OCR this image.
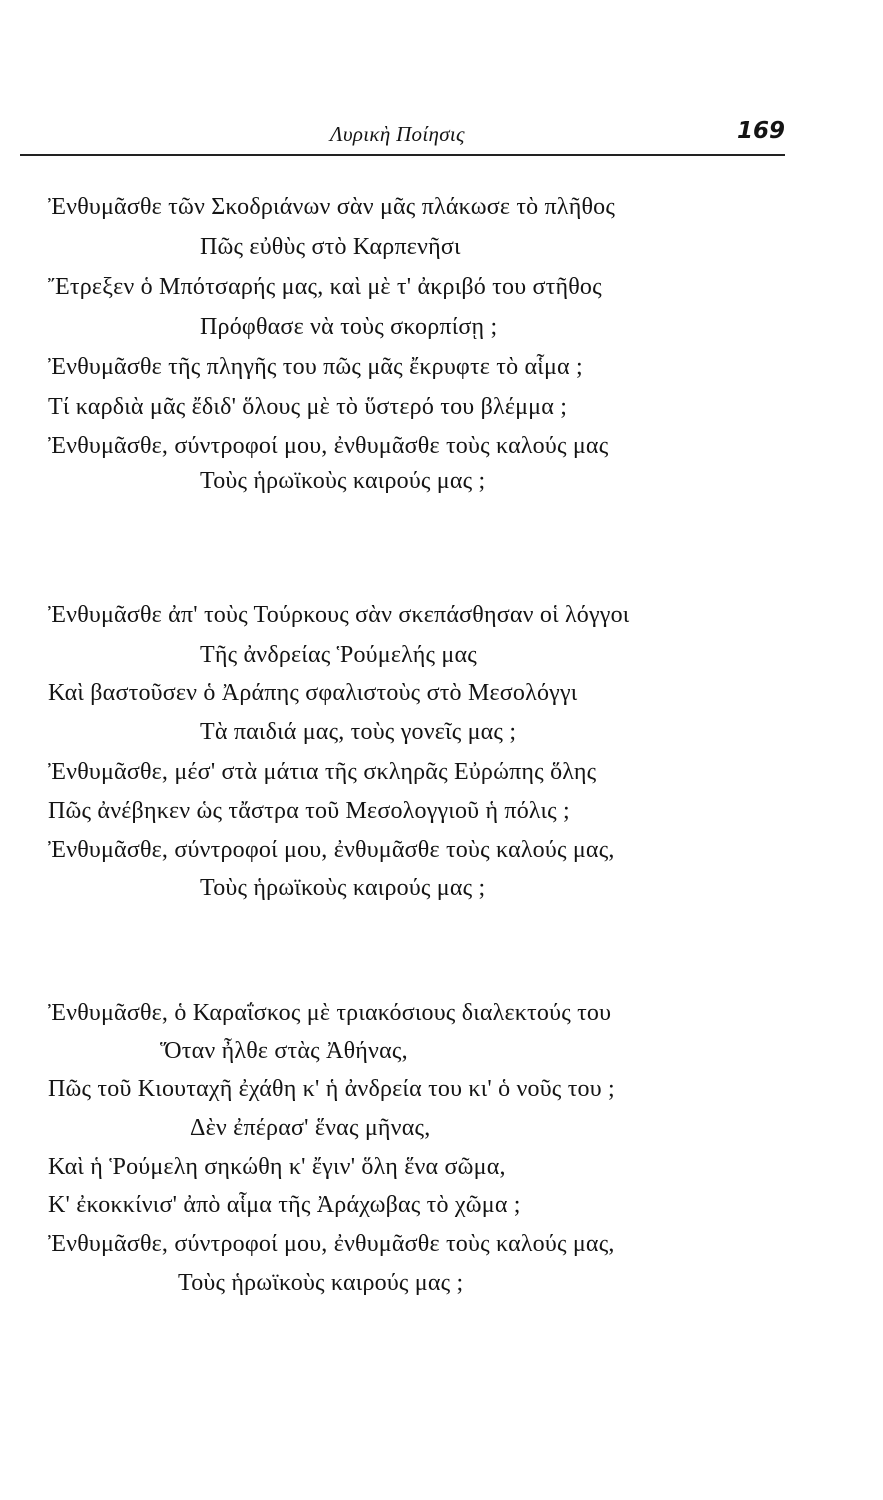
Λυρικὴ Ποίησις	169
Ἐνθυμᾶσθε τῶν Σκοδριάνων σὰν μᾶς πλάκωσε τὸ πλῆθος
Πῶς εὐθὺς στὸ Καρπενῆσι
Ἔτρεξεν ὁ Μπότσαρής μας, καὶ μὲ τ' ἀκριβό του στῆθος
Πρόφθασε νὰ τοὺς σκορπίσῃ ;
Ἐνθυμᾶσθε τῆς πληγῆς του πῶς μᾶς ἔκρυφτε τὸ αἷμα ;
Τί καρδιὰ μᾶς ἔδιδ' ὅλους μὲ τὸ ὕστερό του βλέμμα ;
Ἐνθυμᾶσθε, σύντροφοί μου, ἐνθυμᾶσθε τοὺς καλούς μας
Τοὺς ἡρωϊκοὺς καιρούς μας ;
Ἐνθυμᾶσθε ἀπ' τοὺς Τούρκους σὰν σκεπάσθησαν οἱ λόγγοι
Τῆς ἀνδρείας Ῥούμελής μας
Καὶ βαστοῦσεν ὁ Ἀράπης σφαλιστοὺς στὸ Μεσολόγγι
Τὰ παιδιά μας, τοὺς γονεῖς μας ;
Ἐνθυμᾶσθε, μέσ' στὰ μάτια τῆς σκληρᾶς Εὐρώπης ὅλης
Πῶς ἀνέβηκεν ὡς τἄστρα τοῦ Μεσολογγιοῦ ἡ πόλις ;
Ἐνθυμᾶσθε, σύντροφοί μου, ἐνθυμᾶσθε τοὺς καλούς μας,
Τοὺς ἡρωϊκοὺς καιρούς μας ;
Ἐνθυμᾶσθε, ὁ Καραΐσκος μὲ τριακόσιους διαλεκτούς του
Ὅταν ἦλθε στὰς Ἀθήνας,
Πῶς τοῦ Κιουταχῆ ἐχάθη κ' ἡ ἀνδρεία του κι' ὁ νοῦς του ;
Δὲν ἐπέρασ' ἕνας μῆνας,
Καὶ ἡ Ῥούμελη σηκώθη κ' ἔγιν' ὅλη ἕνα σῶμα,
Κ' ἐκοκκίνισ' ἀπὸ αἷμα τῆς Ἀράχωβας τὸ χῶμα ;
Ἐνθυμᾶσθε, σύντροφοί μου, ἐνθυμᾶσθε τοὺς καλούς μας,
Τοὺς ἡρωϊκοὺς καιρούς μας ;
